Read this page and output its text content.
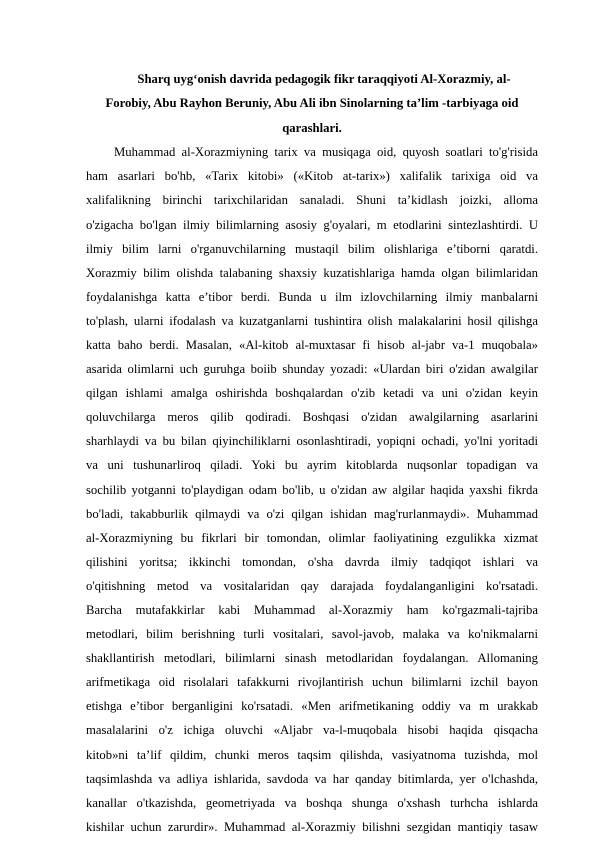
Sharq uyg‘onish davrida pedagogik fikr taraqqiyoti Al-Xorazmiy, al-
Forobiy, Abu Rayhon Beruniy, Abu Ali ibn Sinolarning ta’lim -tarbiyaga oid
qarashlari.
Muhammad al-Xorazmiyning tarix va musiqaga oid, quyosh soatlari to'g'risida
ham asarlari bo'hb, «Tarix kitobi» («Kitob at-tarix») xalifalik tarixiga oid va
xalifalikning birinchi tarixchilaridan sanaladi. Shuni ta’kidlash joizki, alloma
o'zigacha bo'lgan ilmiy bilimlarning asosiy g'oyalari, m etodlarini sintezlashtirdi. U
ilmiy bilim larni o'rganuvchilarning mustaqil bilim olishlariga e’tiborni qaratdi.
Xorazmiy bilim olishda talabaning shaxsiy kuzatishlariga hamda olgan bilimlaridan
foydalanishga katta e’tibor berdi. Bunda u ilm izlovchilarning ilmiy manbalarni
to'plash, ularni ifodalash va kuzatganlarni tushintira olish malakalarini hosil qilishga
katta baho berdi. Masalan, «Al-kitob al-muxtasar fi hisob al-jabr va-1 muqobala»
asarida olimlarni uch guruhga boiib shunday yozadi: «Ulardan biri o'zidan awalgilar
qilgan ishlami amalga oshirishda boshqalardan o'zib ketadi va uni o'zidan keyin
qoluvchilarga meros qilib qodiradi. Boshqasi o'zidan awalgilarning asarlarini
sharhlaydi va bu bilan qiyinchiliklarni osonlashtiradi, yopiqni ochadi, yo'lni yoritadi
va uni tushunarliroq qiladi. Yoki bu ayrim kitoblarda nuqsonlar topadigan va
sochilib yotganni to'playdigan odam bo'lib, u o'zidan aw algilar haqida yaxshi fikrda
bo'ladi, takabburlik qilmaydi va o'zi qilgan ishidan mag'rurlanmaydi». Muhammad
al-Xorazmiyning bu fikrlari bir tomondan, olimlar faoliyatining ezgulikka xizmat
qilishini yoritsa; ikkinchi tomondan, o'sha davrda ilmiy tadqiqot ishlari va
o'qitishning metod va vositalaridan qay darajada foydalanganligini ko'rsatadi.
Barcha mutafakkirlar kabi Muhammad al-Xorazmiy ham ko'rgazmali-tajriba
metodlari, bilim berishning turli vositalari, savol-javob, malaka va ko'nikmalarni
shakllantirish metodlari, bilimlarni sinash metodlaridan foydalangan. Allomaning
arifmetikaga oid risolalari tafakkurni rivojlantirish uchun bilimlarni izchil bayon
etishga e’tibor berganligini ko'rsatadi. «Men arifmetikaning oddiy va m urakkab
masalalarini o'z ichiga oluvchi «Aljabr va-l-muqobala hisobi haqida qisqacha
kitob»ni ta’lif qildim, chunki meros taqsim qilishda, vasiyatnoma tuzishda, mol
taqsimlashda va adliya ishlarida, savdoda va har qanday bitimlarda, yer o'lchashda,
kanallar o'tkazishda, geometriyada va boshqa shunga o'xshash turhcha ishlarda
kishilar uchun zarurdir». Muhammad al-Xorazmiy bilishni sezgidan mantiqiy tasaw
